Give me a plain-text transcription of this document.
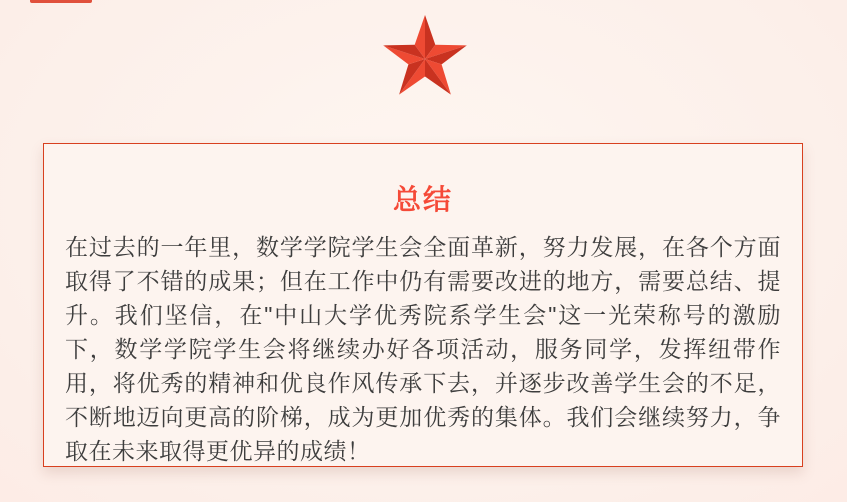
总结

在过去的一年里，数学学院学生会全面革新，努力发展，在各个方面取得了不错的成果；但在工作中仍有需要改进的地方，需要总结、提升。我们坚信，在"中山大学优秀院系学生会"这一光荣称号的激励下，数学学院学生会将继续办好各项活动，服务同学，发挥纽带作用，将优秀的精神和优良作风传承下去，并逐步改善学生会的不足，不断地迈向更高的阶梯，成为更加优秀的集体。我们会继续努力，争取在未来取得更优异的成绩！
